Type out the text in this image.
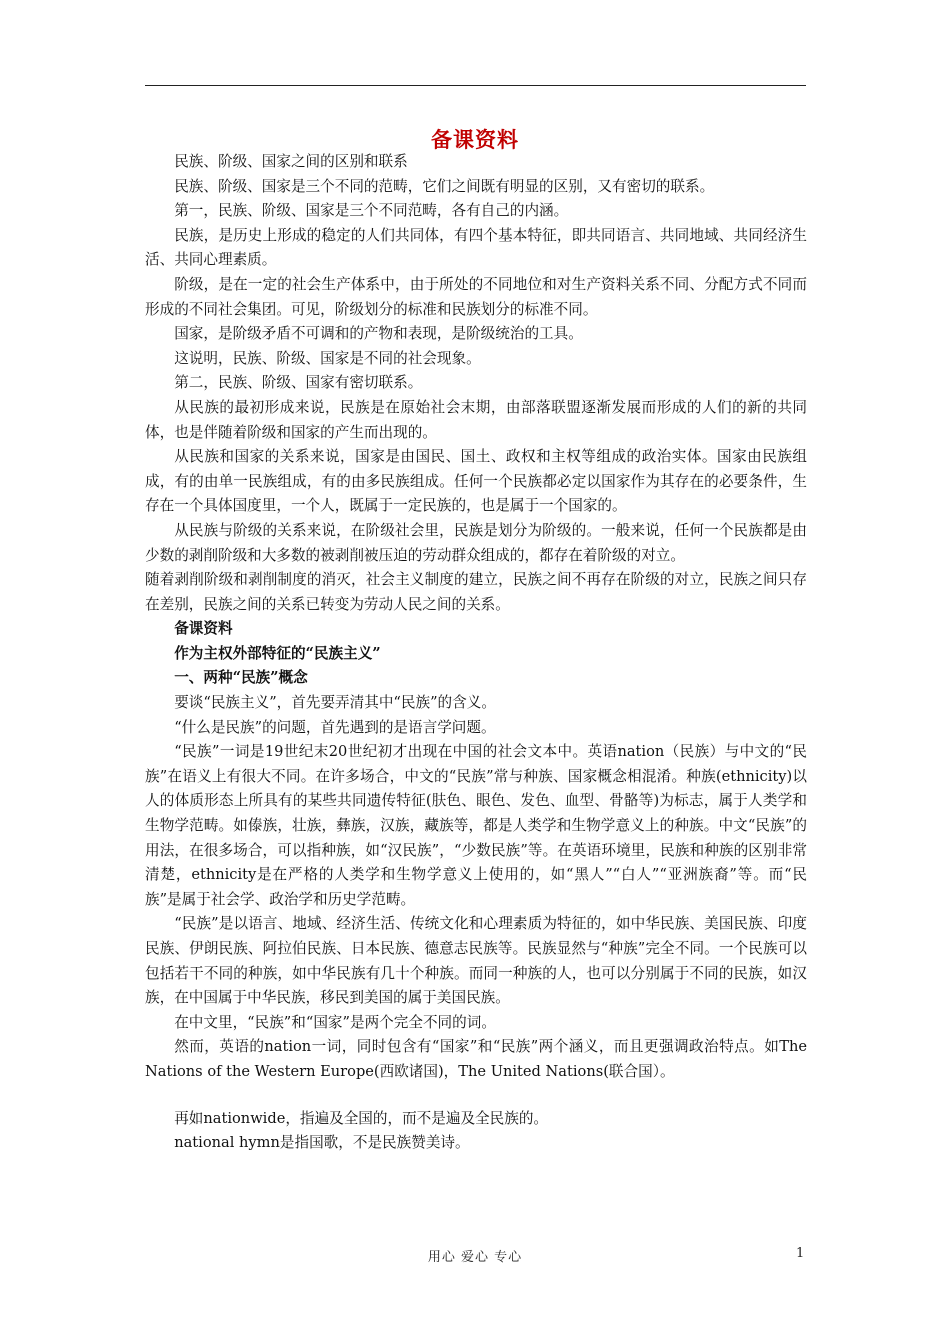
备课资料

民族、阶级、国家之间的区别和联系

民族、阶级、国家是三个不同的范畴，它们之间既有明显的区别，又有密切的联系。

第一，民族、阶级、国家是三个不同范畴，各有自己的内涵。

民族，是历史上形成的稳定的人们共同体，有四个基本特征，即共同语言、共同地域、共同经济生活、共同心理素质。

阶级，是在一定的社会生产体系中，由于所处的不同地位和对生产资料关系不同、分配方式不同而形成的不同社会集团。可见，阶级划分的标准和民族划分的标准不同。

国家，是阶级矛盾不可调和的产物和表现，是阶级统治的工具。

这说明，民族、阶级、国家是不同的社会现象。

第二，民族、阶级、国家有密切联系。

从民族的最初形成来说，民族是在原始社会末期，由部落联盟逐渐发展而形成的人们的新的共同体，也是伴随着阶级和国家的产生而出现的。

从民族和国家的关系来说，国家是由国民、国土、政权和主权等组成的政治实体。国家由民族组成，有的由单一民族组成，有的由多民族组成。任何一个民族都必定以国家作为其存在的必要条件，生存在一个具体国度里，一个人，既属于一定民族的，也是属于一个国家的。

从民族与阶级的关系来说，在阶级社会里，民族是划分为阶级的。一般来说，任何一个民族都是由少数的剥削阶级和大多数的被剥削被压迫的劳动群众组成的，都存在着阶级的对立。

随着剥削阶级和剥削制度的消灭，社会主义制度的建立，民族之间不再存在阶级的对立，民族之间只存在差别，民族之间的关系已转变为劳动人民之间的关系。

备课资料

作为主权外部特征的“民族主义”

一、两种“民族”概念

要谈“民族主义”，首先要弄清其中“民族”的含义。

“什么是民族”的问题，首先遇到的是语言学问题。

“民族”一词是19世纪末20世纪初才出现在中国的社会文本中。英语nation（民族）与中文的“民族”在语义上有很大不同。在许多场合，中文的“民族”常与种族、国家概念相混淆。种族(ethnicity)以人的体质形态上所具有的某些共同遗传特征(肤色、眼色、发色、血型、骨骼等)为标志，属于人类学和生物学范畴。如傣族，壮族，彝族，汉族，藏族等，都是人类学和生物学意义上的种族。中文“民族”的用法，在很多场合，可以指种族，如“汉民族”，“少数民族”等。在英语环境里，民族和种族的区别非常清楚，ethnicity是在严格的人类学和生物学意义上使用的，如“黑人”“白人”“亚洲族裔”等。而“民族”是属于社会学、政治学和历史学范畴。

“民族”是以语言、地域、经济生活、传统文化和心理素质为特征的，如中华民族、美国民族、印度民族、伊朗民族、阿拉伯民族、日本民族、德意志民族等。民族显然与“种族”完全不同。一个民族可以包括若干不同的种族，如中华民族有几十个种族。而同一种族的人，也可以分别属于不同的民族，如汉族，在中国属于中华民族，移民到美国的属于美国民族。

在中文里，“民族”和“国家”是两个完全不同的词。

然而，英语的nation一词，同时包含有“国家”和“民族”两个涵义，而且更强调政治特点。如The Nations of the Western Europe(西欧诸国)，The United Nations(联合国）。

再如nationwide，指遍及全国的，而不是遍及全民族的。

national hymn是指国歌，不是民族赞美诗。

用心 爱心 专心	1
